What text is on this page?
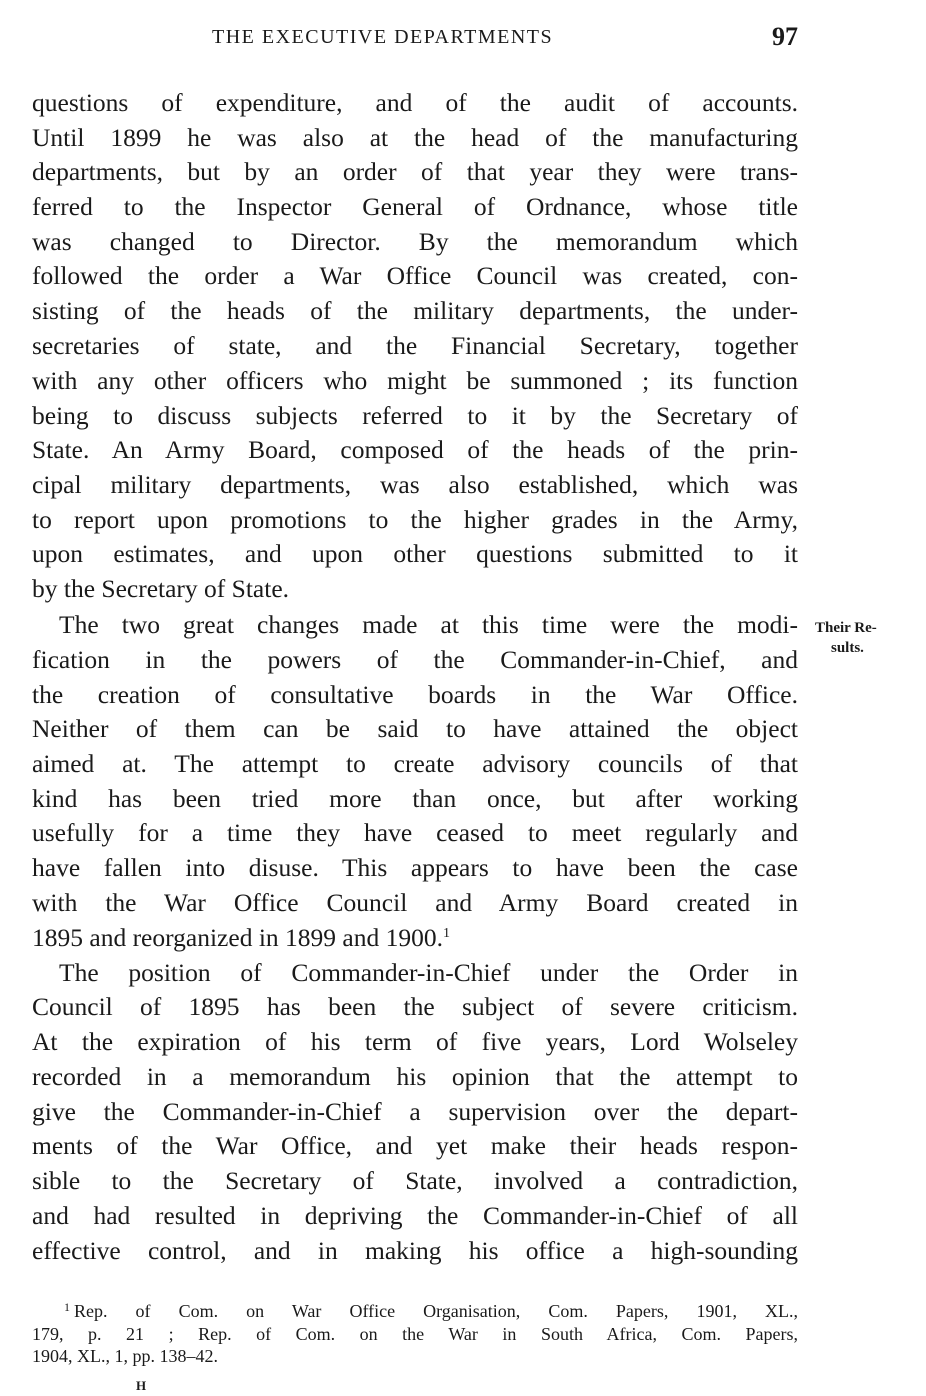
THE EXECUTIVE DEPARTMENTS	97
questions of expenditure, and of the audit of accounts.
Until 1899 he was also at the head of the manufacturing
departments, but by an order of that year they were trans-
ferred to the Inspector General of Ordnance, whose title
was changed to Director. By the memorandum which
followed the order a War Office Council was created, con-
sisting of the heads of the military departments, the under-
secretaries of state, and the Financial Secretary, together
with any other officers who might be summoned ; its function
being to discuss subjects referred to it by the Secretary of
State. An Army Board, composed of the heads of the prin-
cipal military departments, was also established, which was
to report upon promotions to the higher grades in the Army,
upon estimates, and upon other questions submitted to it
by the Secretary of State.
The two great changes made at this time were the modi-
fication in the powers of the Commander-in-Chief, and
the creation of consultative boards in the War Office.
Neither of them can be said to have attained the object
aimed at. The attempt to create advisory councils of that
kind has been tried more than once, but after working
usefully for a time they have ceased to meet regularly and
have fallen into disuse. This appears to have been the case
with the War Office Council and Army Board created in
1895 and reorganized in 1899 and 1900.$^1$
The position of Commander-in-Chief under the Order in
Council of 1895 has been the subject of severe criticism.
At the expiration of his term of five years, Lord Wolseley
recorded in a memorandum his opinion that the attempt to
give the Commander-in-Chief a supervision over the depart-
ments of the War Office, and yet make their heads respon-
sible to the Secretary of State, involved a contradiction,
and had resulted in depriving the Commander-in-Chief of all
effective control, and in making his office a high-sounding
Their Re-
sults.
$^1$ Rep. of Com. on War Office Organisation, Com. Papers, 1901, XL.,
179, p. 21 ; Rep. of Com. on the War in South Africa, Com. Papers,
1904, XL., 1, pp. 138–42.
H
